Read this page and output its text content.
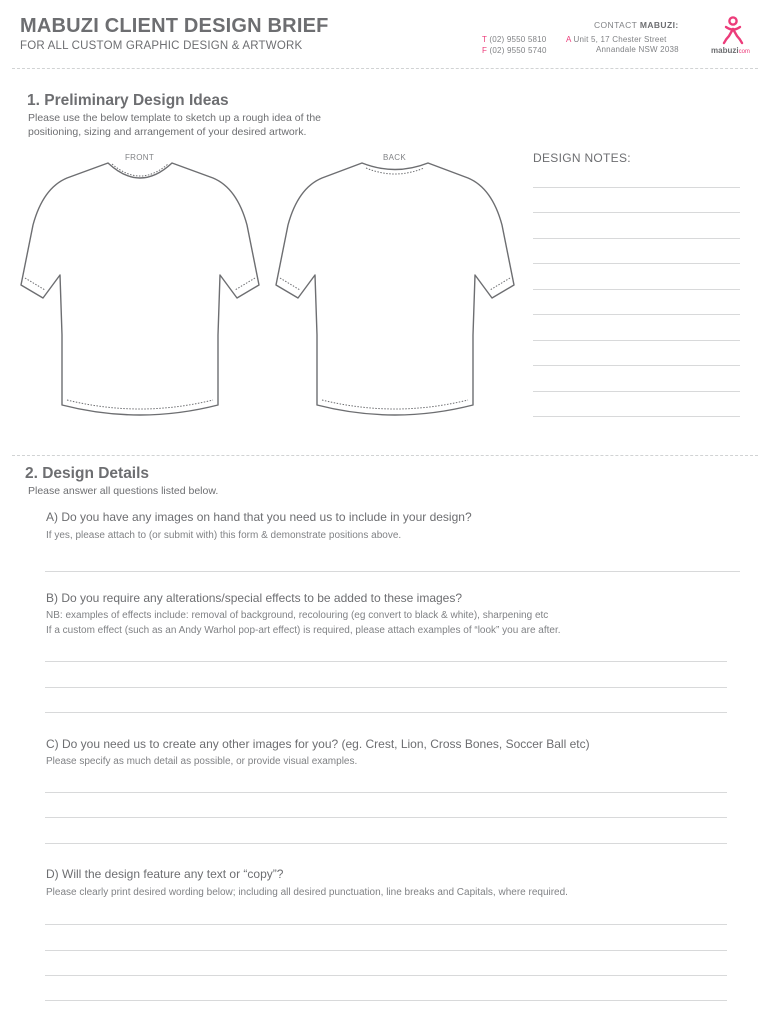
MABUZI CLIENT DESIGN BRIEF
FOR ALL CUSTOM GRAPHIC DESIGN & ARTWORK
CONTACT MABUZI:
T (02) 9550 5810
F (02) 9550 5740
A Unit 5, 17 Chester Street
Annandale NSW 2038	mabuzicom
1. Preliminary Design Ideas
Please use the below template to sketch up a rough idea of the
positioning, sizing and arrangement of your desired artwork.
FRONT	BACK	DESIGN NOTES:
2. Design Details
Please answer all questions listed below.
A) Do you have any images on hand that you need us to include in your design?
If yes, please attach to (or submit with) this form & demonstrate positions above.
B) Do you require any alterations/special effects to be added to these images?
NB: examples of effects include: removal of background, recolouring (eg convert to black & white), sharpening etc
If a custom effect (such as an Andy Warhol pop-art effect) is required, please attach examples of “look” you are after.
C) Do you need us to create any other images for you? (eg. Crest, Lion, Cross Bones, Soccer Ball etc)
Please specify as much detail as possible, or provide visual examples.
D) Will the design feature any text or “copy”?
Please clearly print desired wording below; including all desired punctuation, line breaks and Capitals, where required.
